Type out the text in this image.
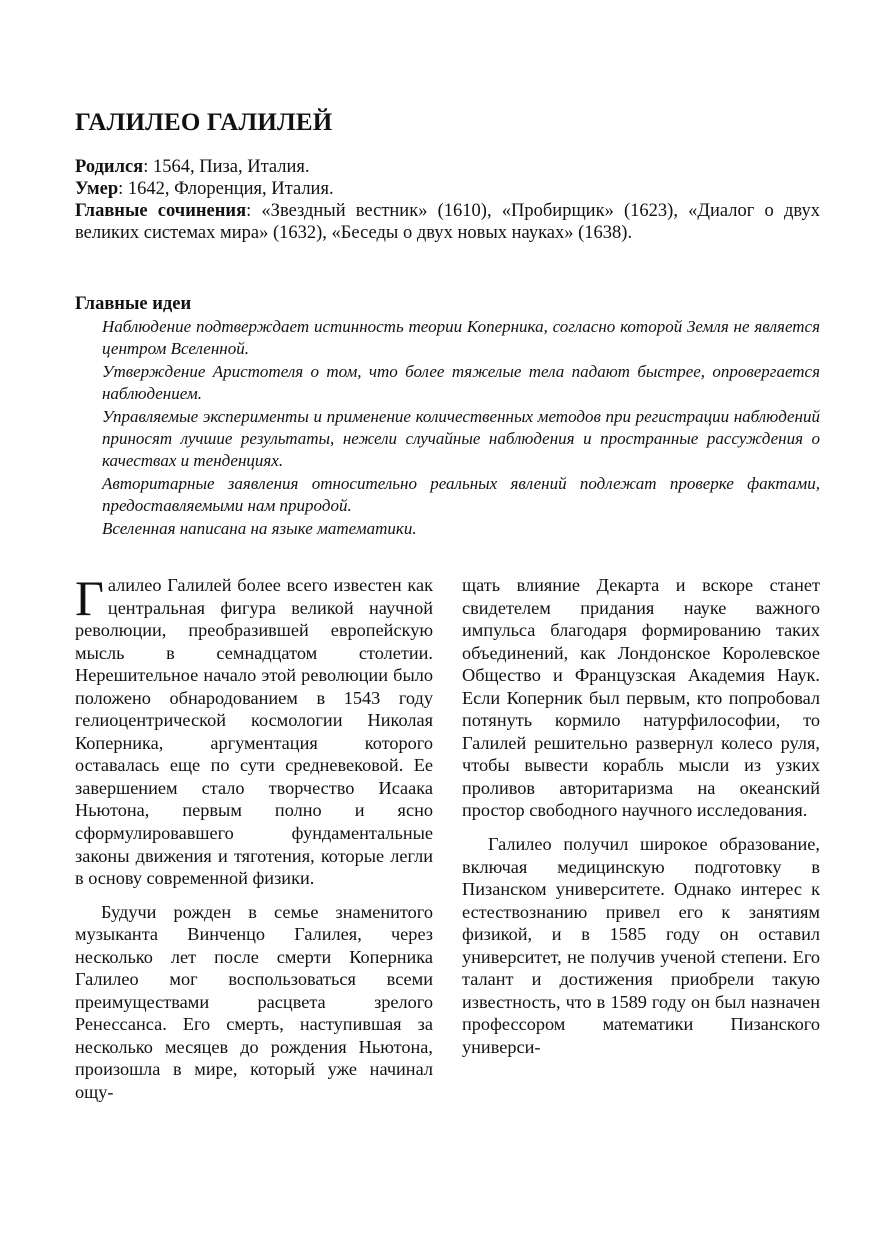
ГАЛИЛЕО ГАЛИЛЕЙ

Родился: 1564, Пиза, Италия.

Умер: 1642, Флоренция, Италия.

Главные сочинения: «Звездный вестник» (1610), «Пробирщик» (1623), «Диалог о двух великих системах мира» (1632), «Беседы о двух новых науках» (1638).

Главные идеи
Наблюдение подтверждает истинность теории Коперника, согласно которой Земля не является центром Вселенной.
Утверждение Аристотеля о том, что более тяжелые тела падают быстрее, опровергается наблюдением.
Управляемые эксперименты и применение количественных методов при регистрации наблюдений приносят лучшие результаты, нежели случайные наблюдения и пространные рассуждения о качествах и тенденциях.
Авторитарные заявления относительно реальных явлений подлежат проверке фактами, предоставляемыми нам природой.
Вселенная написана на языке математики.

Галилео Галилей более всего известен как центральная фигура великой научной революции, преобразившей европейскую мысль в семнадцатом столетии. Нерешительное начало этой революции было положено обнародованием в 1543 году гелиоцентрической космологии Николая Коперника, аргументация которого оставалась еще по сути средневековой. Ее завершением стало творчество Исаака Ньютона, первым полно и ясно сформулировавшего фундаментальные законы движения и тяготения, которые легли в основу современной физики.

Будучи рожден в семье знаменитого музыканта Винченцо Галилея, через несколько лет после смерти Коперника Галилео мог воспользоваться всеми преимуществами расцвета зрелого Ренессанса. Его смерть, наступившая за несколько месяцев до рождения Ньютона, произошла в мире, который уже начинал ощу-

щать влияние Декарта и вскоре станет свидетелем придания науке важного импульса благодаря формированию таких объединений, как Лондонское Королевское Общество и Французская Академия Наук. Если Коперник был первым, кто попробовал потянуть кормило натурфилософии, то Галилей решительно развернул колесо руля, чтобы вывести корабль мысли из узких проливов авторитаризма на океанский простор свободного научного исследования.

Галилео получил широкое образование, включая медицинскую подготовку в Пизанском университете. Однако интерес к естествознанию привел его к занятиям физикой, и в 1585 году он оставил университет, не получив ученой степени. Его талант и достижения приобрели такую известность, что в 1589 году он был назначен профессором математики Пизанского универси-
